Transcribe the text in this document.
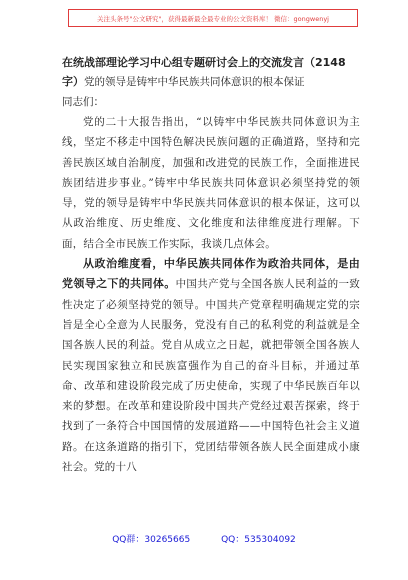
关注头条号"公文研究"，获得最新最全最专业的公文资料库！ 微信：gongwenyj

在统战部理论学习中心组专题研讨会上的交流发言（2148字）党的领导是铸牢中华民族共同体意识的根本保证

同志们：

党的二十大报告指出，“以铸牢中华民族共同体意识为主线，坚定不移走中国特色解决民族问题的正确道路，坚持和完善民族区域自治制度，加强和改进党的民族工作，全面推进民族团结进步事业。”铸牢中华民族共同体意识必须坚持党的领导，党的领导是铸牢中华民族共同体意识的根本保证，这可以从政治维度、历史维度、文化维度和法律维度进行理解。下面，结合全市民族工作实际，我谈几点体会。

从政治维度看，中华民族共同体作为政治共同体，是由党领导之下的共同体。中国共产党与全国各族人民利益的一致性决定了必须坚持党的领导。中国共产党章程明确规定党的宗旨是全心全意为人民服务，党没有自己的私利党的利益就是全国各族人民的利益。党自从成立之日起，就把带领全国各族人民实现国家独立和民族富强作为自己的奋斗目标，并通过革命、改革和建设阶段完成了历史使命，实现了中华民族百年以来的梦想。在改革和建设阶段中国共产党经过艰苦探索，终于找到了一条符合中国国情的发展道路——中国特色社会主义道路。在这条道路的指引下，党团结带领各族人民全面建成小康社会。党的十八

QQ群：30265665	QQ：535304092
